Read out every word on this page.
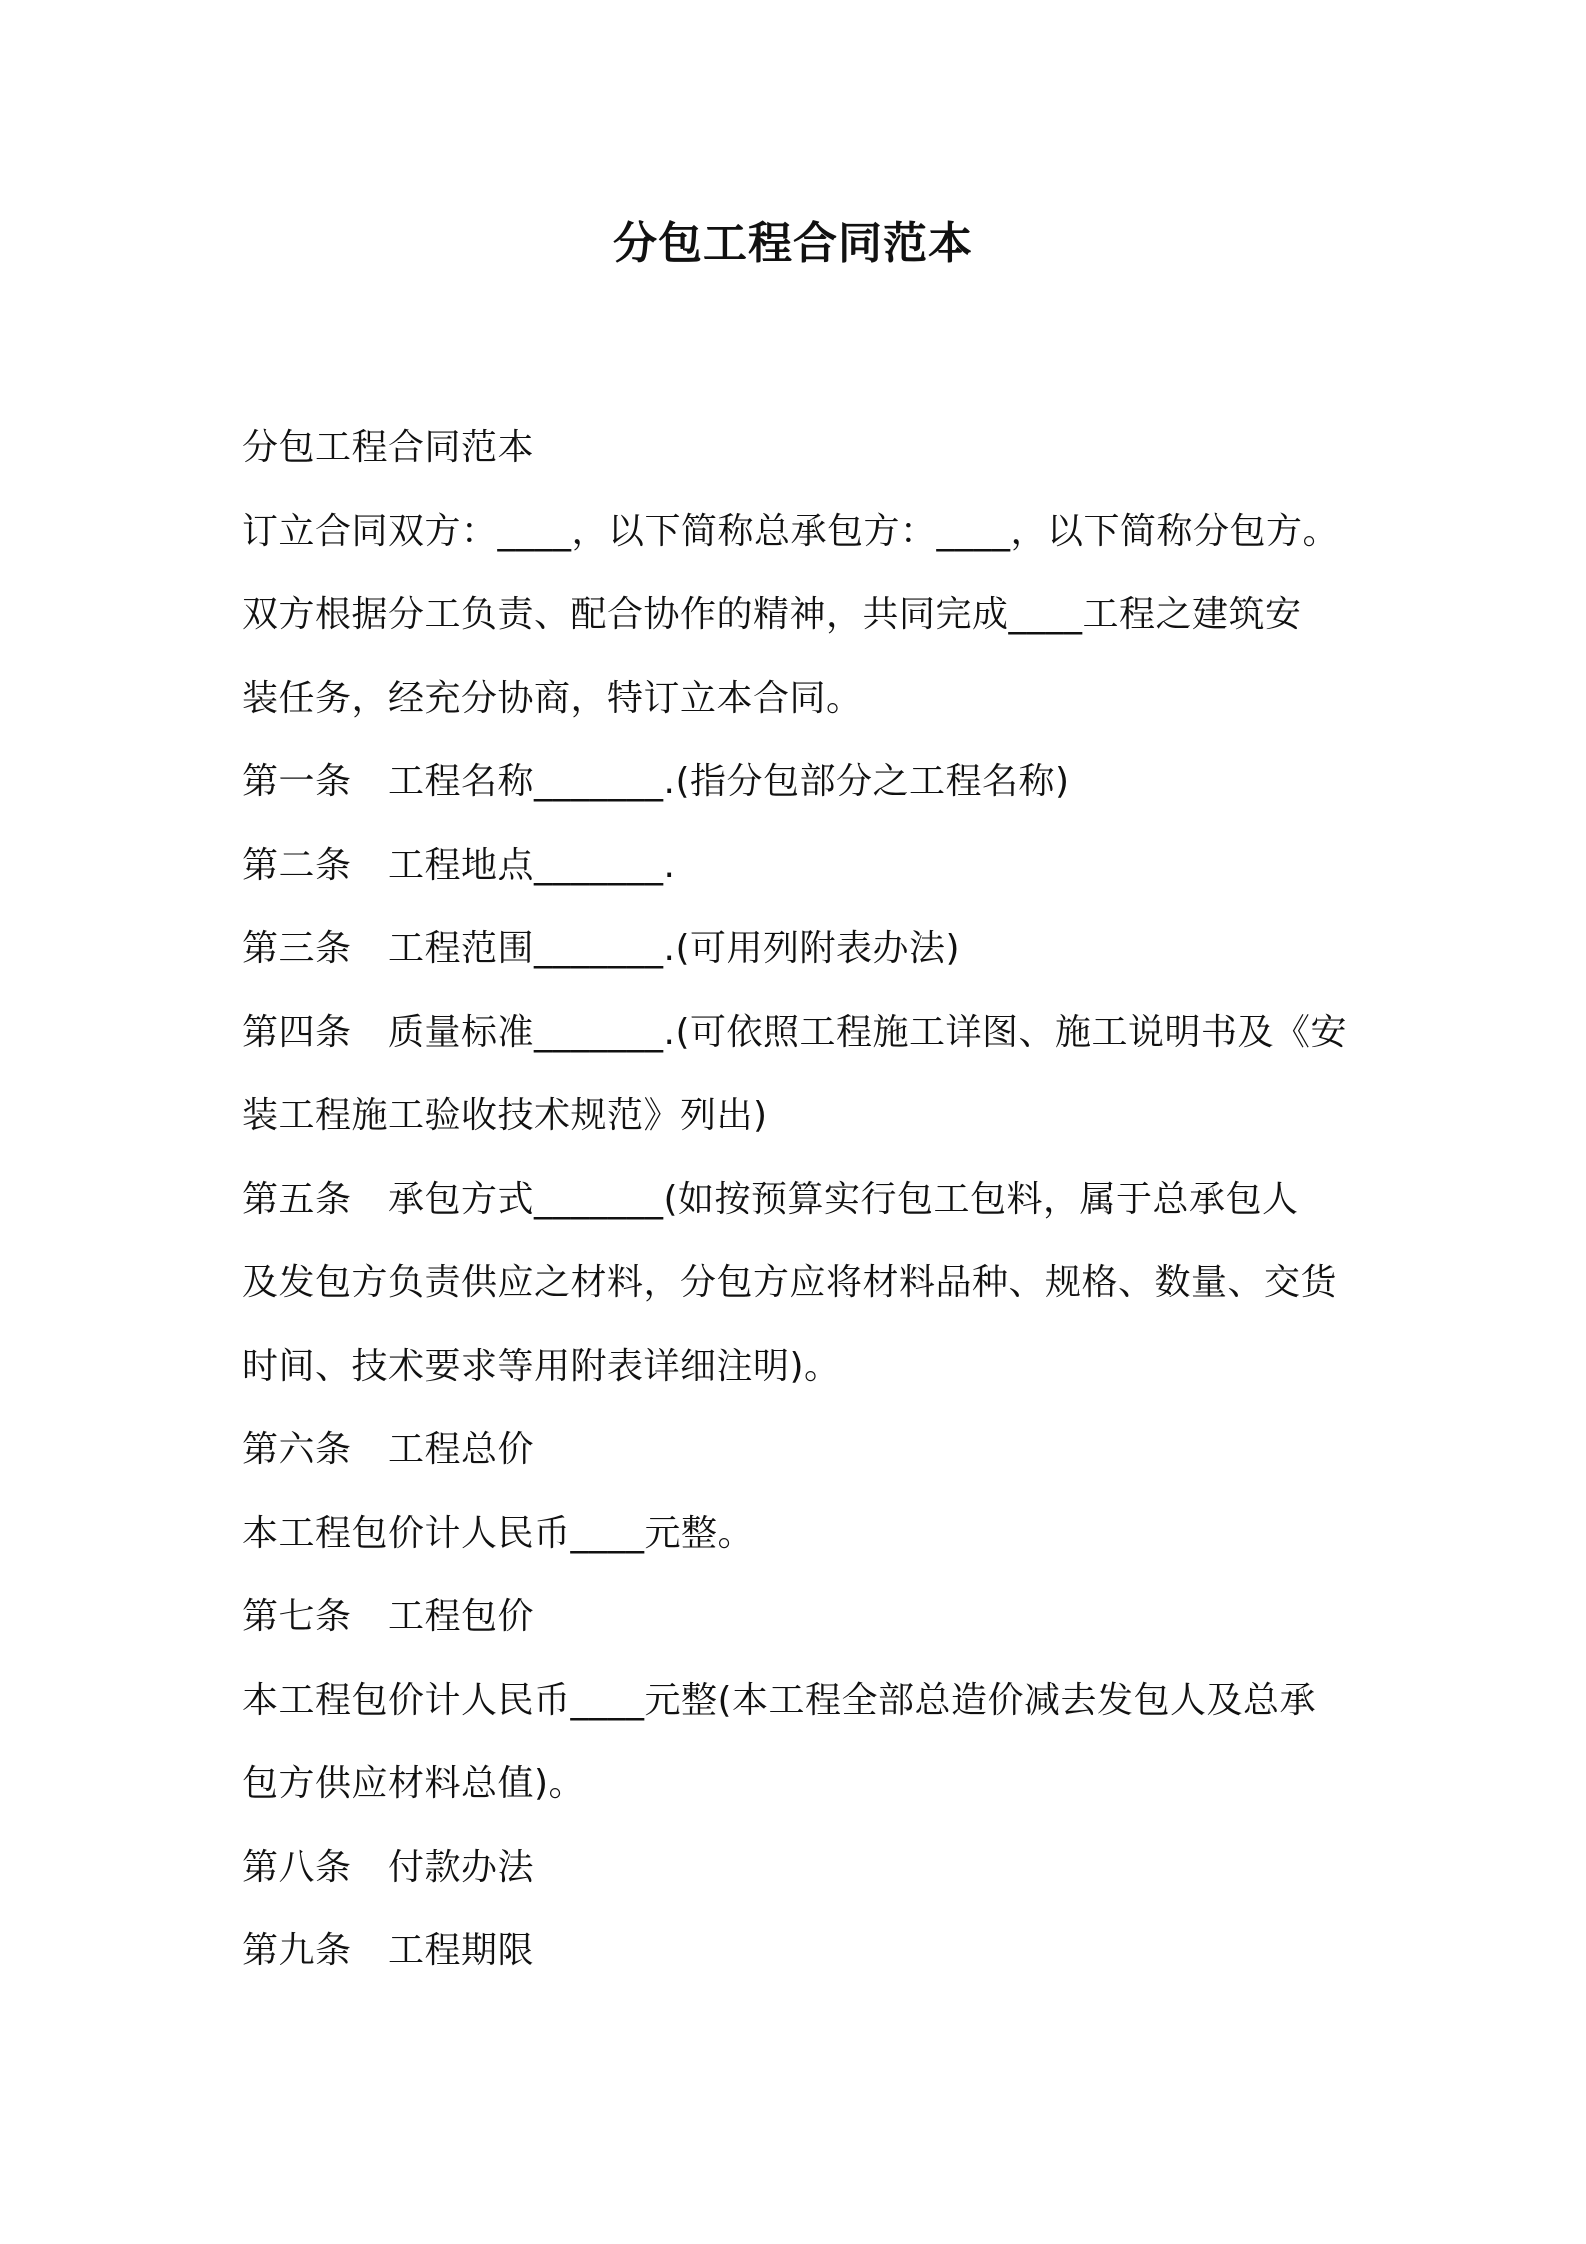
分包工程合同范本

分包工程合同范本

订立合同双方：____，以下简称总承包方：____，以下简称分包方。

双方根据分工负责、配合协作的精神，共同完成____工程之建筑安

装任务，经充分协商，特订立本合同。

第一条　工程名称_______.(指分包部分之工程名称)

第二条　工程地点_______.

第三条　工程范围_______.(可用列附表办法)

第四条　质量标准_______.(可依照工程施工详图、施工说明书及《安

装工程施工验收技术规范》列出)

第五条　承包方式_______(如按预算实行包工包料，属于总承包人

及发包方负责供应之材料，分包方应将材料品种、规格、数量、交货

时间、技术要求等用附表详细注明)。

第六条　工程总价

本工程包价计人民币____元整。

第七条　工程包价

本工程包价计人民币____元整(本工程全部总造价减去发包人及总承

包方供应材料总值)。

第八条　付款办法

第九条　工程期限
